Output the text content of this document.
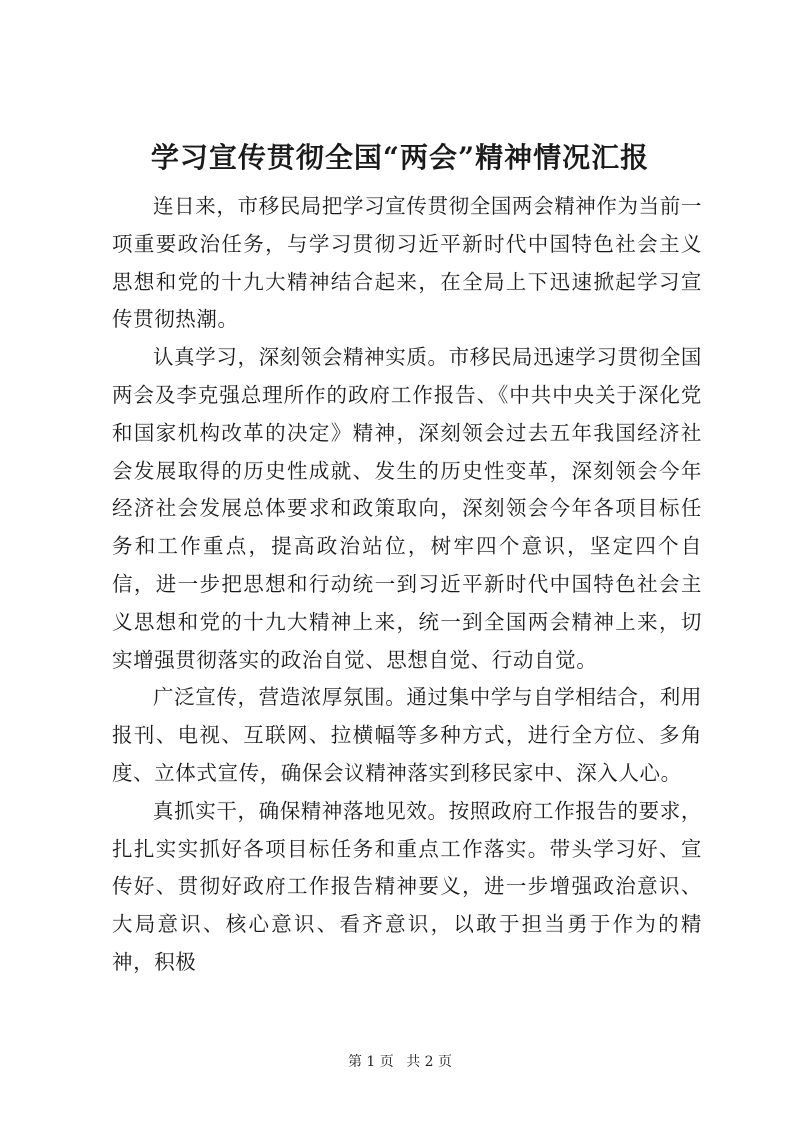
学习宣传贯彻全国“两会”精神情况汇报

连日来，市移民局把学习宣传贯彻全国两会精神作为当前一项重要政治任务，与学习贯彻习近平新时代中国特色社会主义思想和党的十九大精神结合起来，在全局上下迅速掀起学习宣传贯彻热潮。

认真学习，深刻领会精神实质。市移民局迅速学习贯彻全国两会及李克强总理所作的政府工作报告、《中共中央关于深化党和国家机构改革的决定》精神，深刻领会过去五年我国经济社会发展取得的历史性成就、发生的历史性变革，深刻领会今年经济社会发展总体要求和政策取向，深刻领会今年各项目标任务和工作重点，提高政治站位，树牢四个意识，坚定四个自信，进一步把思想和行动统一到习近平新时代中国特色社会主义思想和党的十九大精神上来，统一到全国两会精神上来，切实增强贯彻落实的政治自觉、思想自觉、行动自觉。

广泛宣传，营造浓厚氛围。通过集中学与自学相结合，利用报刊、电视、互联网、拉横幅等多种方式，进行全方位、多角度、立体式宣传，确保会议精神落实到移民家中、深入人心。

真抓实干，确保精神落地见效。按照政府工作报告的要求，扎扎实实抓好各项目标任务和重点工作落实。带头学习好、宣传好、贯彻好政府工作报告精神要义，进一步增强政治意识、大局意识、核心意识、看齐意识，以敢于担当勇于作为的精神，积极

第 1 页 共 2 页
